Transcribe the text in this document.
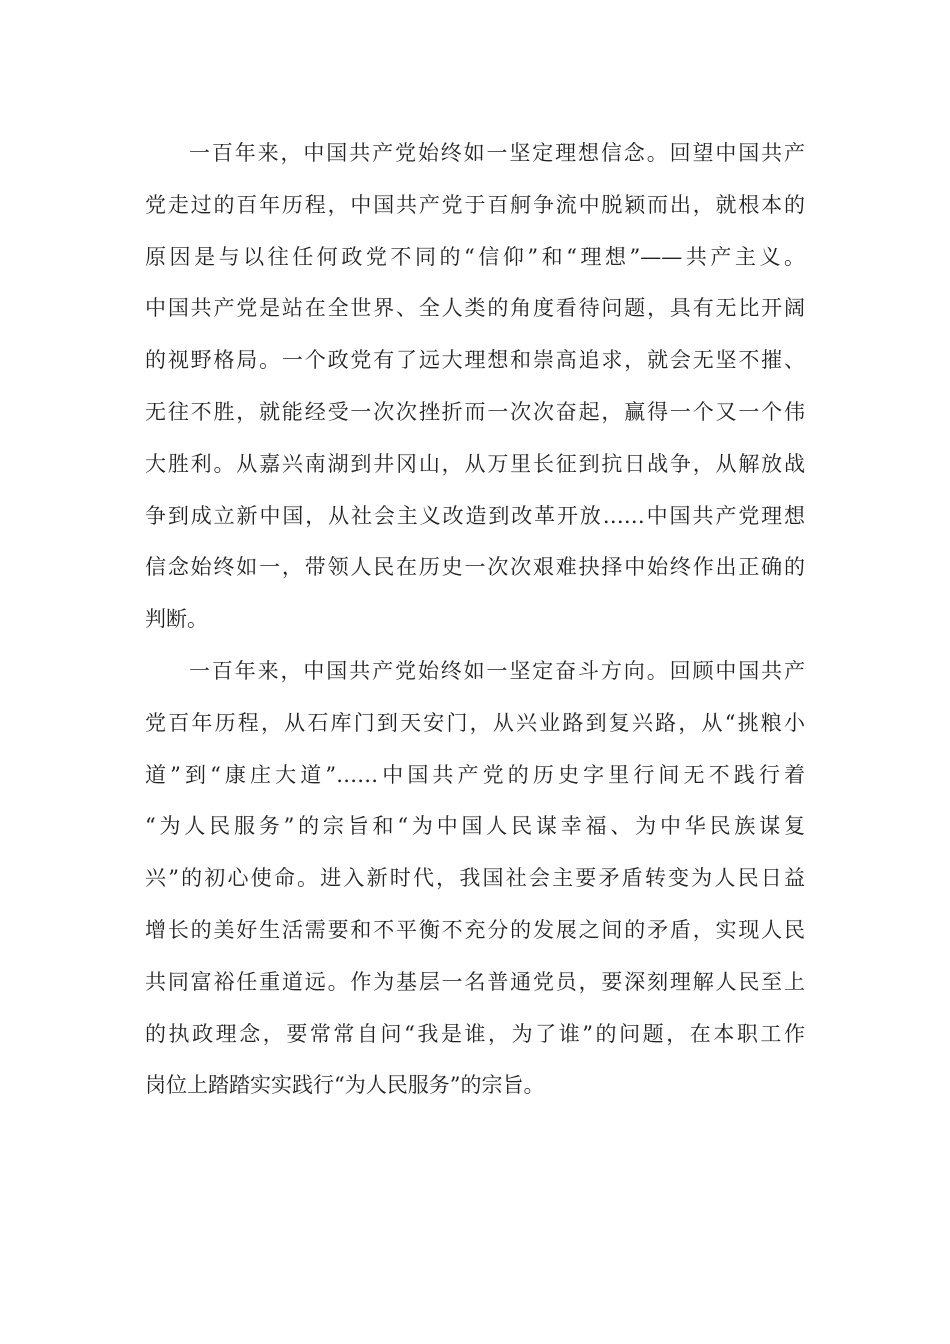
一百年来，中国共产党始终如一坚定理想信念。回望中国共产
党走过的百年历程，中国共产党于百舸争流中脱颖而出，就根本的
原因是与以往任何政党不同的“信仰”和“理想”——共产主义。
中国共产党是站在全世界、全人类的角度看待问题，具有无比开阔
的视野格局。一个政党有了远大理想和崇高追求，就会无坚不摧、
无往不胜，就能经受一次次挫折而一次次奋起，赢得一个又一个伟
大胜利。从嘉兴南湖到井冈山，从万里长征到抗日战争，从解放战
争到成立新中国，从社会主义改造到改革开放……中国共产党理想
信念始终如一，带领人民在历史一次次艰难抉择中始终作出正确的
判断。
一百年来，中国共产党始终如一坚定奋斗方向。回顾中国共产
党百年历程，从石库门到天安门，从兴业路到复兴路，从“挑粮小
道”到“康庄大道”……中国共产党的历史字里行间无不践行着
“为人民服务”的宗旨和“为中国人民谋幸福、为中华民族谋复
兴”的初心使命。进入新时代，我国社会主要矛盾转变为人民日益
增长的美好生活需要和不平衡不充分的发展之间的矛盾，实现人民
共同富裕任重道远。作为基层一名普通党员，要深刻理解人民至上
的执政理念，要常常自问“我是谁，为了谁”的问题，在本职工作
岗位上踏踏实实践行“为人民服务”的宗旨。
